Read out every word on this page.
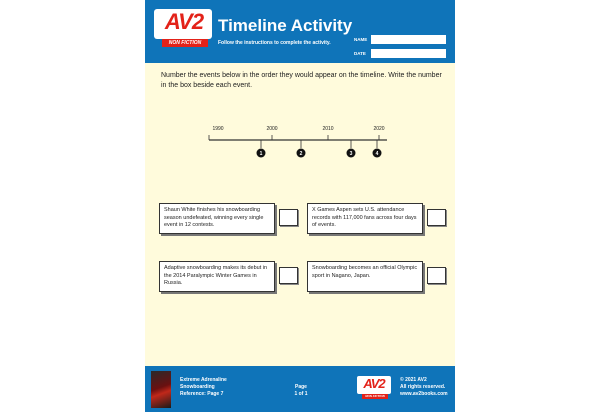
AV2
NON FICTION
Timeline Activity
Follow the instructions to complete the activity.
NAME
DATE
Number the events below in the order they would appear on the timeline. Write the number in the box beside each event.
1990	2000	2010	2020
1	2	3	4
Shaun White finishes his snowboarding season undefeated, winning every single event in 12 contests.
X Games Aspen sets U.S. attendance records with 117,000 fans across four days of events.
Adaptive snowboarding makes its debut in the 2014 Paralympic Winter Games in Russia.
Snowboarding becomes an official Olympic sport in Nagano, Japan.
Extreme Adrenaline
Snowboarding
Reference: Page 7
Page
1 of 1
AV2
NON FICTION
© 2021 AV2
All rights reserved.
www.av2books.com
